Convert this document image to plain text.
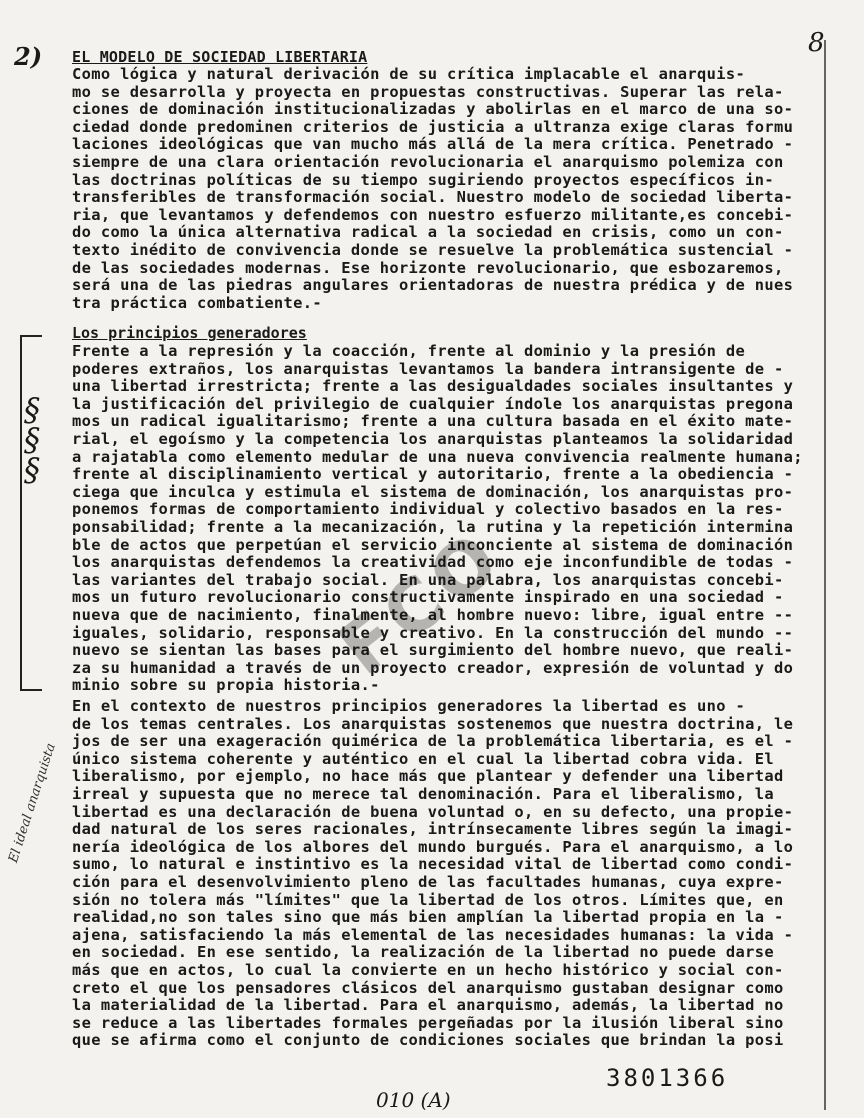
2)	8
EL MODELO DE SOCIEDAD LIBERTARIA
Como lógica y natural derivación de su crítica implacable el anarquis-
mo se desarrolla y proyecta en propuestas constructivas. Superar las rela-
ciones de dominación institucionalizadas y abolirlas en el marco de una so-
ciedad donde predominen criterios de justicia a ultranza exige claras formu
laciones ideológicas que van mucho más allá de la mera crítica. Penetrado -
siempre de una clara orientación revolucionaria el anarquismo polemiza con
las doctrinas políticas de su tiempo sugiriendo proyectos específicos in-
transferibles de transformación social. Nuestro modelo de sociedad liberta-
ria, que levantamos y defendemos con nuestro esfuerzo militante,es concebi-
do como la única alternativa radical a la sociedad en crisis, como un con-
texto inédito de convivencia donde se resuelve la problemática sustencial -
de las sociedades modernas. Ese horizonte revolucionario, que esbozaremos,
será una de las piedras angulares orientadoras de nuestra prédica y de nues
tra práctica combatiente.-
Los principios generadores
§
§
§
Frente a la represión y la coacción, frente al dominio y la presión de
poderes extraños, los anarquistas levantamos la bandera intransigente de -
una libertad irrestricta; frente a las desigualdades sociales insultantes y
la justificación del privilegio de cualquier índole los anarquistas pregona
mos un radical igualitarismo; frente a una cultura basada en el éxito mate-
rial, el egoísmo y la competencia los anarquistas planteamos la solidaridad
a rajatabla como elemento medular de una nueva convivencia realmente humana;
frente al disciplinamiento vertical y autoritario, frente a la obediencia -
ciega que inculca y estimula el sistema de dominación, los anarquistas pro-
ponemos formas de comportamiento individual y colectivo basados en la res-
ponsabilidad; frente a la mecanización, la rutina y la repetición intermina
ble de actos que perpetúan el servicio inconciente al sistema de dominación
los anarquistas defendemos la creatividad como eje inconfundible de todas -
las variantes del trabajo social. En una palabra, los anarquistas concebi-
mos un futuro revolucionario constructivamente inspirado en una sociedad -
nueva que de nacimiento, finalmente, al hombre nuevo: libre, igual entre --
iguales, solidario, responsable y creativo. En la construcción del mundo --
nuevo se sientan las bases para el surgimiento del hombre nuevo, que reali-
za su humanidad a través de un proyecto creador, expresión de voluntad y do
minio sobre su propia historia.-
FCO
En el contexto de nuestros principios generadores la libertad es uno -
de los temas centrales. Los anarquistas sostenemos que nuestra doctrina, le
jos de ser una exageración quimérica de la problemática libertaria, es el -
único sistema coherente y auténtico en el cual la libertad cobra vida. El
liberalismo, por ejemplo, no hace más que plantear y defender una libertad
irreal y supuesta que no merece tal denominación. Para el liberalismo, la
libertad es una declaración de buena voluntad o, en su defecto, una propie-
dad natural de los seres racionales, intrínsecamente libres según la imagi-
nería ideológica de los albores del mundo burgués. Para el anarquismo, a lo
sumo, lo natural e instintivo es la necesidad vital de libertad como condi-
ción para el desenvolvimiento pleno de las facultades humanas, cuya expre-
sión no tolera más "límites" que la libertad de los otros. Límites que, en
realidad,no son tales sino que más bien amplían la libertad propia en la -
ajena, satisfaciendo la más elemental de las necesidades humanas: la vida -
en sociedad. En ese sentido, la realización de la libertad no puede darse
más que en actos, lo cual la convierte en un hecho histórico y social con-
creto el que los pensadores clásicos del anarquismo gustaban designar como
la materialidad de la libertad. Para el anarquismo, además, la libertad no
se reduce a las libertades formales pergeñadas por la ilusión liberal sino
que se afirma como el conjunto de condiciones sociales que brindan la posi
El ideal anarquista
3801366
010 (A)
